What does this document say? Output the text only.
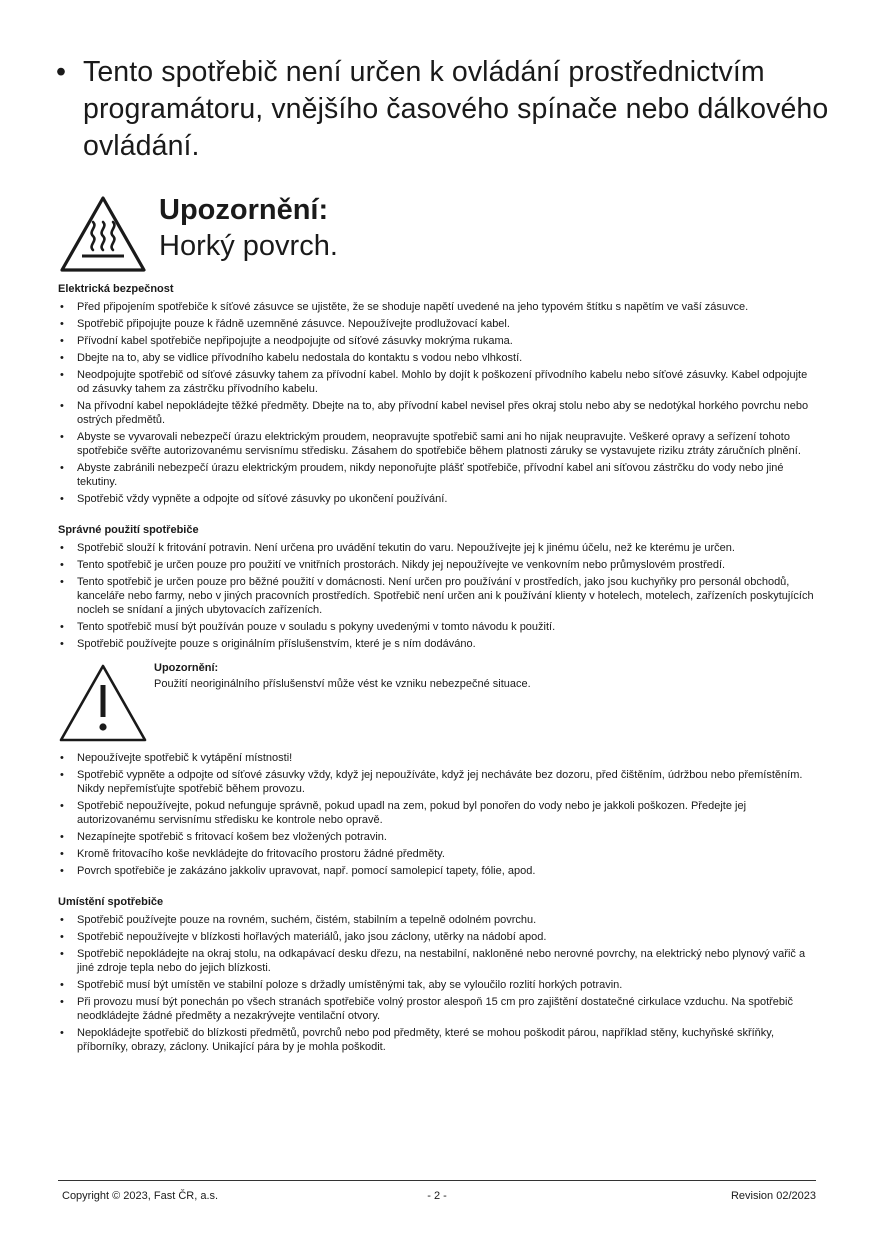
• Tento spotřebič není určen k ovládání prostřednictvím programátoru, vnějšího časového spínače nebo dálkového ovládání.
Upozornění:
Horký povrch.
Elektrická bezpečnost
• Před připojením spotřebiče k síťové zásuvce se ujistěte, že se shoduje napětí uvedené na jeho typovém štítku s napětím ve vaší zásuvce.
• Spotřebič připojujte pouze k řádně uzemněné zásuvce. Nepoužívejte prodlužovací kabel.
• Přívodní kabel spotřebiče nepřipojujte a neodpojujte od síťové zásuvky mokrýma rukama.
• Dbejte na to, aby se vidlice přívodního kabelu nedostala do kontaktu s vodou nebo vlhkostí.
• Neodpojujte spotřebič od síťové zásuvky tahem za přívodní kabel. Mohlo by dojít k poškození přívodního kabelu nebo síťové zásuvky. Kabel odpojujte od zásuvky tahem za zástrčku přívodního kabelu.
• Na přívodní kabel nepokládejte těžké předměty. Dbejte na to, aby přívodní kabel nevisel přes okraj stolu nebo aby se nedotýkal horkého povrchu nebo ostrých předmětů.
• Abyste se vyvarovali nebezpečí úrazu elektrickým proudem, neopravujte spotřebič sami ani ho nijak neupravujte. Veškeré opravy a seřízení tohoto spotřebiče svěřte autorizovanému servisnímu středisku. Zásahem do spotřebiče během platnosti záruky se vystavujete riziku ztráty záručních plnění.
• Abyste zabránili nebezpečí úrazu elektrickým proudem, nikdy neponořujte plášť spotřebiče, přívodní kabel ani síťovou zástrčku do vody nebo jiné tekutiny.
• Spotřebič vždy vypněte a odpojte od síťové zásuvky po ukončení používání.
Správné použití spotřebiče
• Spotřebič slouží k fritování potravin. Není určena pro uvádění tekutin do varu. Nepoužívejte jej k jinému účelu, než ke kterému je určen.
• Tento spotřebič je určen pouze pro použití ve vnitřních prostorách. Nikdy jej nepoužívejte ve venkovním nebo průmyslovém prostředí.
• Tento spotřebič je určen pouze pro běžné použití v domácnosti. Není určen pro používání v prostředích, jako jsou kuchyňky pro personál obchodů, kanceláře nebo farmy, nebo v jiných pracovních prostředích. Spotřebič není určen ani k používání klienty v hotelech, motelech, zařízeních poskytujících nocleh se snídaní a jiných ubytovacích zařízeních.
• Tento spotřebič musí být používán pouze v souladu s pokyny uvedenými v tomto návodu k použití.
• Spotřebič používejte pouze s originálním příslušenstvím, které je s ním dodáváno.
Upozornění:
Použití neoriginálního příslušenství může vést ke vzniku nebezpečné situace.
• Nepoužívejte spotřebič k vytápění místnosti!
• Spotřebič vypněte a odpojte od síťové zásuvky vždy, když jej nepoužíváte, když jej necháváte bez dozoru, před čištěním, údržbou nebo přemístěním. Nikdy nepřemísťujte spotřebič během provozu.
• Spotřebič nepoužívejte, pokud nefunguje správně, pokud upadl na zem, pokud byl ponořen do vody nebo je jakkoli poškozen. Předejte jej autorizovanému servisnímu středisku ke kontrole nebo opravě.
• Nezapínejte spotřebič s fritovací košem bez vložených potravin.
• Kromě fritovacího koše nevkládejte do fritovacího prostoru žádné předměty.
• Povrch spotřebiče je zakázáno jakkoliv upravovat, např. pomocí samolepicí tapety, fólie, apod.
Umístění spotřebiče
• Spotřebič používejte pouze na rovném, suchém, čistém, stabilním a tepelně odolném povrchu.
• Spotřebič nepoužívejte v blízkosti hořlavých materiálů, jako jsou záclony, utěrky na nádobí apod.
• Spotřebič nepokládejte na okraj stolu, na odkapávací desku dřezu, na nestabilní, nakloněné nebo nerovné povrchy, na elektrický nebo plynový vařič a jiné zdroje tepla nebo do jejich blízkosti.
• Spotřebič musí být umístěn ve stabilní poloze s držadly umístěnými tak, aby se vyloučilo rozlití horkých potravin.
• Při provozu musí být ponechán po všech stranách spotřebiče volný prostor alespoň 15 cm pro zajištění dostatečné cirkulace vzduchu. Na spotřebič neodkládejte žádné předměty a nezakrývejte ventilační otvory.
• Nepokládejte spotřebič do blízkosti předmětů, povrchů nebo pod předměty, které se mohou poškodit párou, například stěny, kuchyňské skříňky, příborníky, obrazy, záclony. Unikající pára by je mohla poškodit.
Copyright © 2023, Fast ČR, a.s.	- 2 -	Revision 02/2023
